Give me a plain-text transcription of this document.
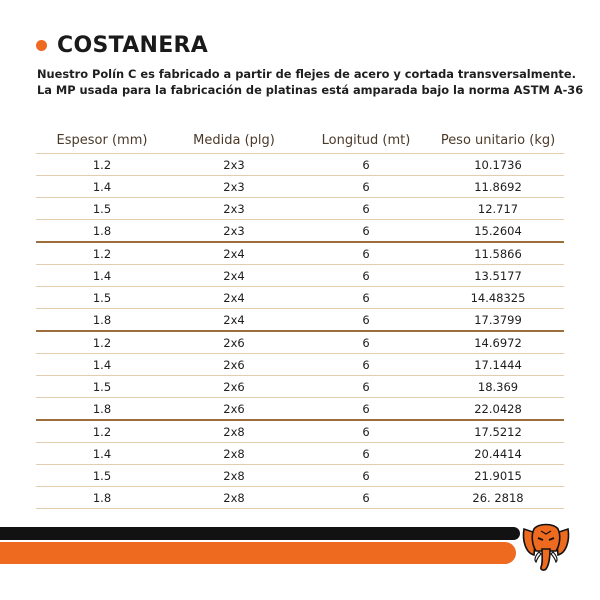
COSTANERA
Nuestro Polín C es fabricado a partir de flejes de acero y cortada transversalmente.
La MP usada para la fabricación de platinas está amparada bajo la norma ASTM A-36
Espesor (mm)	Medida (plg)	Longitud (mt)	Peso unitario (kg)
1.2	2x3	6	10.1736
1.4	2x3	6	11.8692
1.5	2x3	6	12.717
1.8	2x3	6	15.2604
1.2	2x4	6	11.5866
1.4	2x4	6	13.5177
1.5	2x4	6	14.48325
1.8	2x4	6	17.3799
1.2	2x6	6	14.6972
1.4	2x6	6	17.1444
1.5	2x6	6	18.369
1.8	2x6	6	22.0428
1.2	2x8	6	17.5212
1.4	2x8	6	20.4414
1.5	2x8	6	21.9015
1.8	2x8	6	26. 2818
